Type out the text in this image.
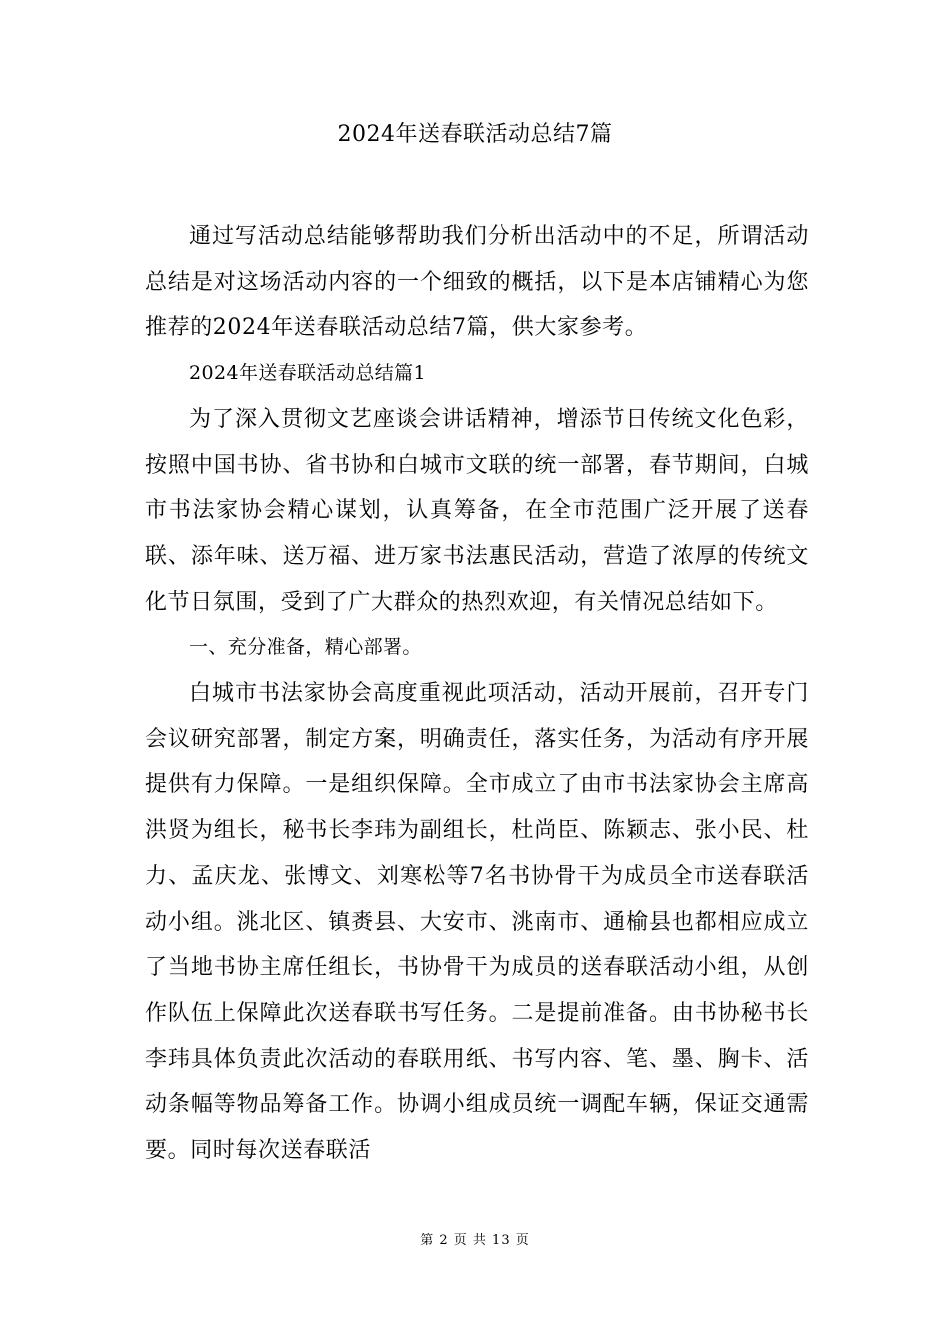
2024年送春联活动总结7篇

通过写活动总结能够帮助我们分析出活动中的不足，所谓活动总结是对这场活动内容的一个细致的概括，以下是本店铺精心为您推荐的2024年送春联活动总结7篇，供大家参考。

2024年送春联活动总结篇1

为了深入贯彻文艺座谈会讲话精神，增添节日传统文化色彩，按照中国书协、省书协和白城市文联的统一部署，春节期间，白城市书法家协会精心谋划，认真筹备，在全市范围广泛开展了送春联、添年味、送万福、进万家书法惠民活动，营造了浓厚的传统文化节日氛围，受到了广大群众的热烈欢迎，有关情况总结如下。

一、充分准备，精心部署。

白城市书法家协会高度重视此项活动，活动开展前，召开专门会议研究部署，制定方案，明确责任，落实任务，为活动有序开展提供有力保障。一是组织保障。全市成立了由市书法家协会主席高洪贤为组长，秘书长李玮为副组长，杜尚臣、陈颖志、张小民、杜力、孟庆龙、张博文、刘寒松等7名书协骨干为成员全市送春联活动小组。洮北区、镇赉县、大安市、洮南市、通榆县也都相应成立了当地书协主席任组长，书协骨干为成员的送春联活动小组，从创作队伍上保障此次送春联书写任务。二是提前准备。由书协秘书长李玮具体负责此次活动的春联用纸、书写内容、笔、墨、胸卡、活动条幅等物品筹备工作。协调小组成员统一调配车辆，保证交通需要。同时每次送春联活

第 2 页 共 13 页
